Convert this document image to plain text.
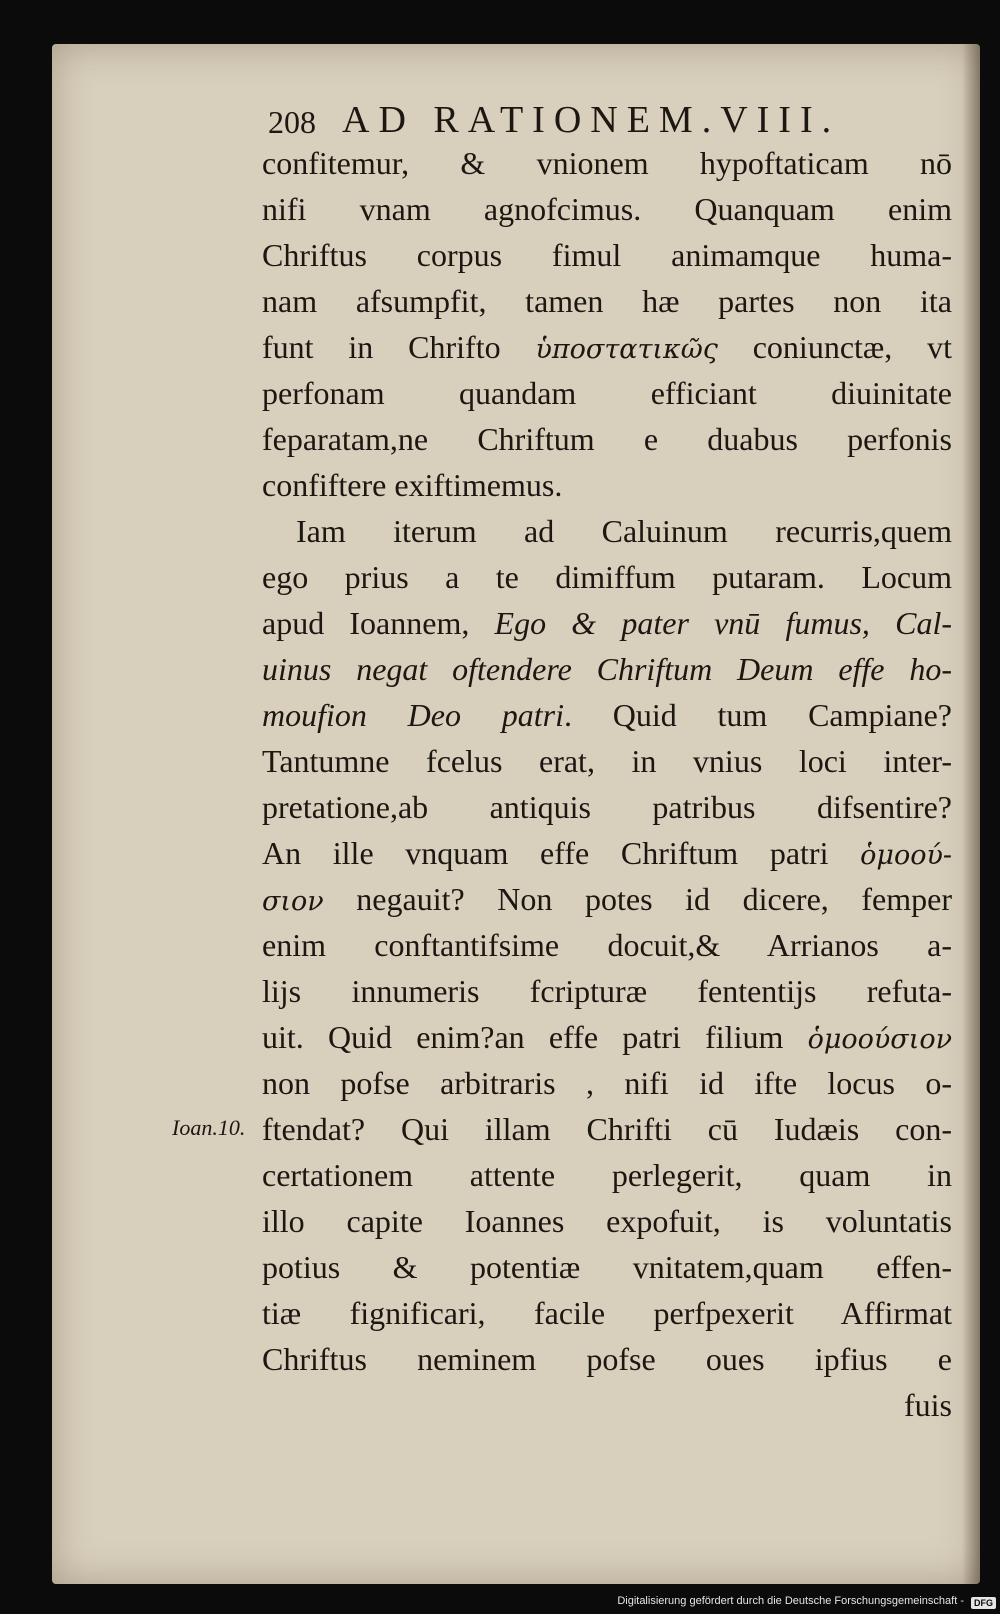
208 AD RATIONEM.VIII.
confitemur, & vnionem hypoftaticam nō
nifi vnam agnofcimus. Quanquam enim
Chriftus corpus fimul animamque huma-
nam afsumpfit, tamen hæ partes non ita
funt in Chrifto ὑποστατικῶς coniunctæ, vt
perfonam quandam efficiant diuinitate
feparatam,ne Chriftum e duabus perfonis
confiftere exiftimemus.
Iam iterum ad Caluinum recurris,quem
ego prius a te dimiffum putaram. Locum
apud Ioannem, Ego & pater vnū fumus, Cal-
uinus negat oftendere Chriftum Deum effe ho-
moufion Deo patri. Quid tum Campiane?
Tantumne fcelus erat, in vnius loci inter-
pretatione,ab antiquis patribus difsentire?
An ille vnquam effe Chriftum patri ὁμοού-
σιον negauit? Non potes id dicere, femper
enim conftantifsime docuit,& Arrianos a-
lijs innumeris fcripturæ fententijs refuta-
uit. Quid enim?an effe patri filium ὁμοούσιον
non pofse arbitraris , nifi id ifte locus o-
ftendat? Qui illam Chrifti cū Iudæis con-
certationem attente perlegerit, quam in
illo capite Ioannes expofuit, is voluntatis
potius & potentiæ vnitatem,quam effen-
tiæ fignificari, facile perfpexerit Affirmat
Chriftus neminem pofse oues ipfius e
fuis
Ioan.10.
Digitalisierung gefördert durch die Deutsche Forschungsgemeinschaft -	DFG
